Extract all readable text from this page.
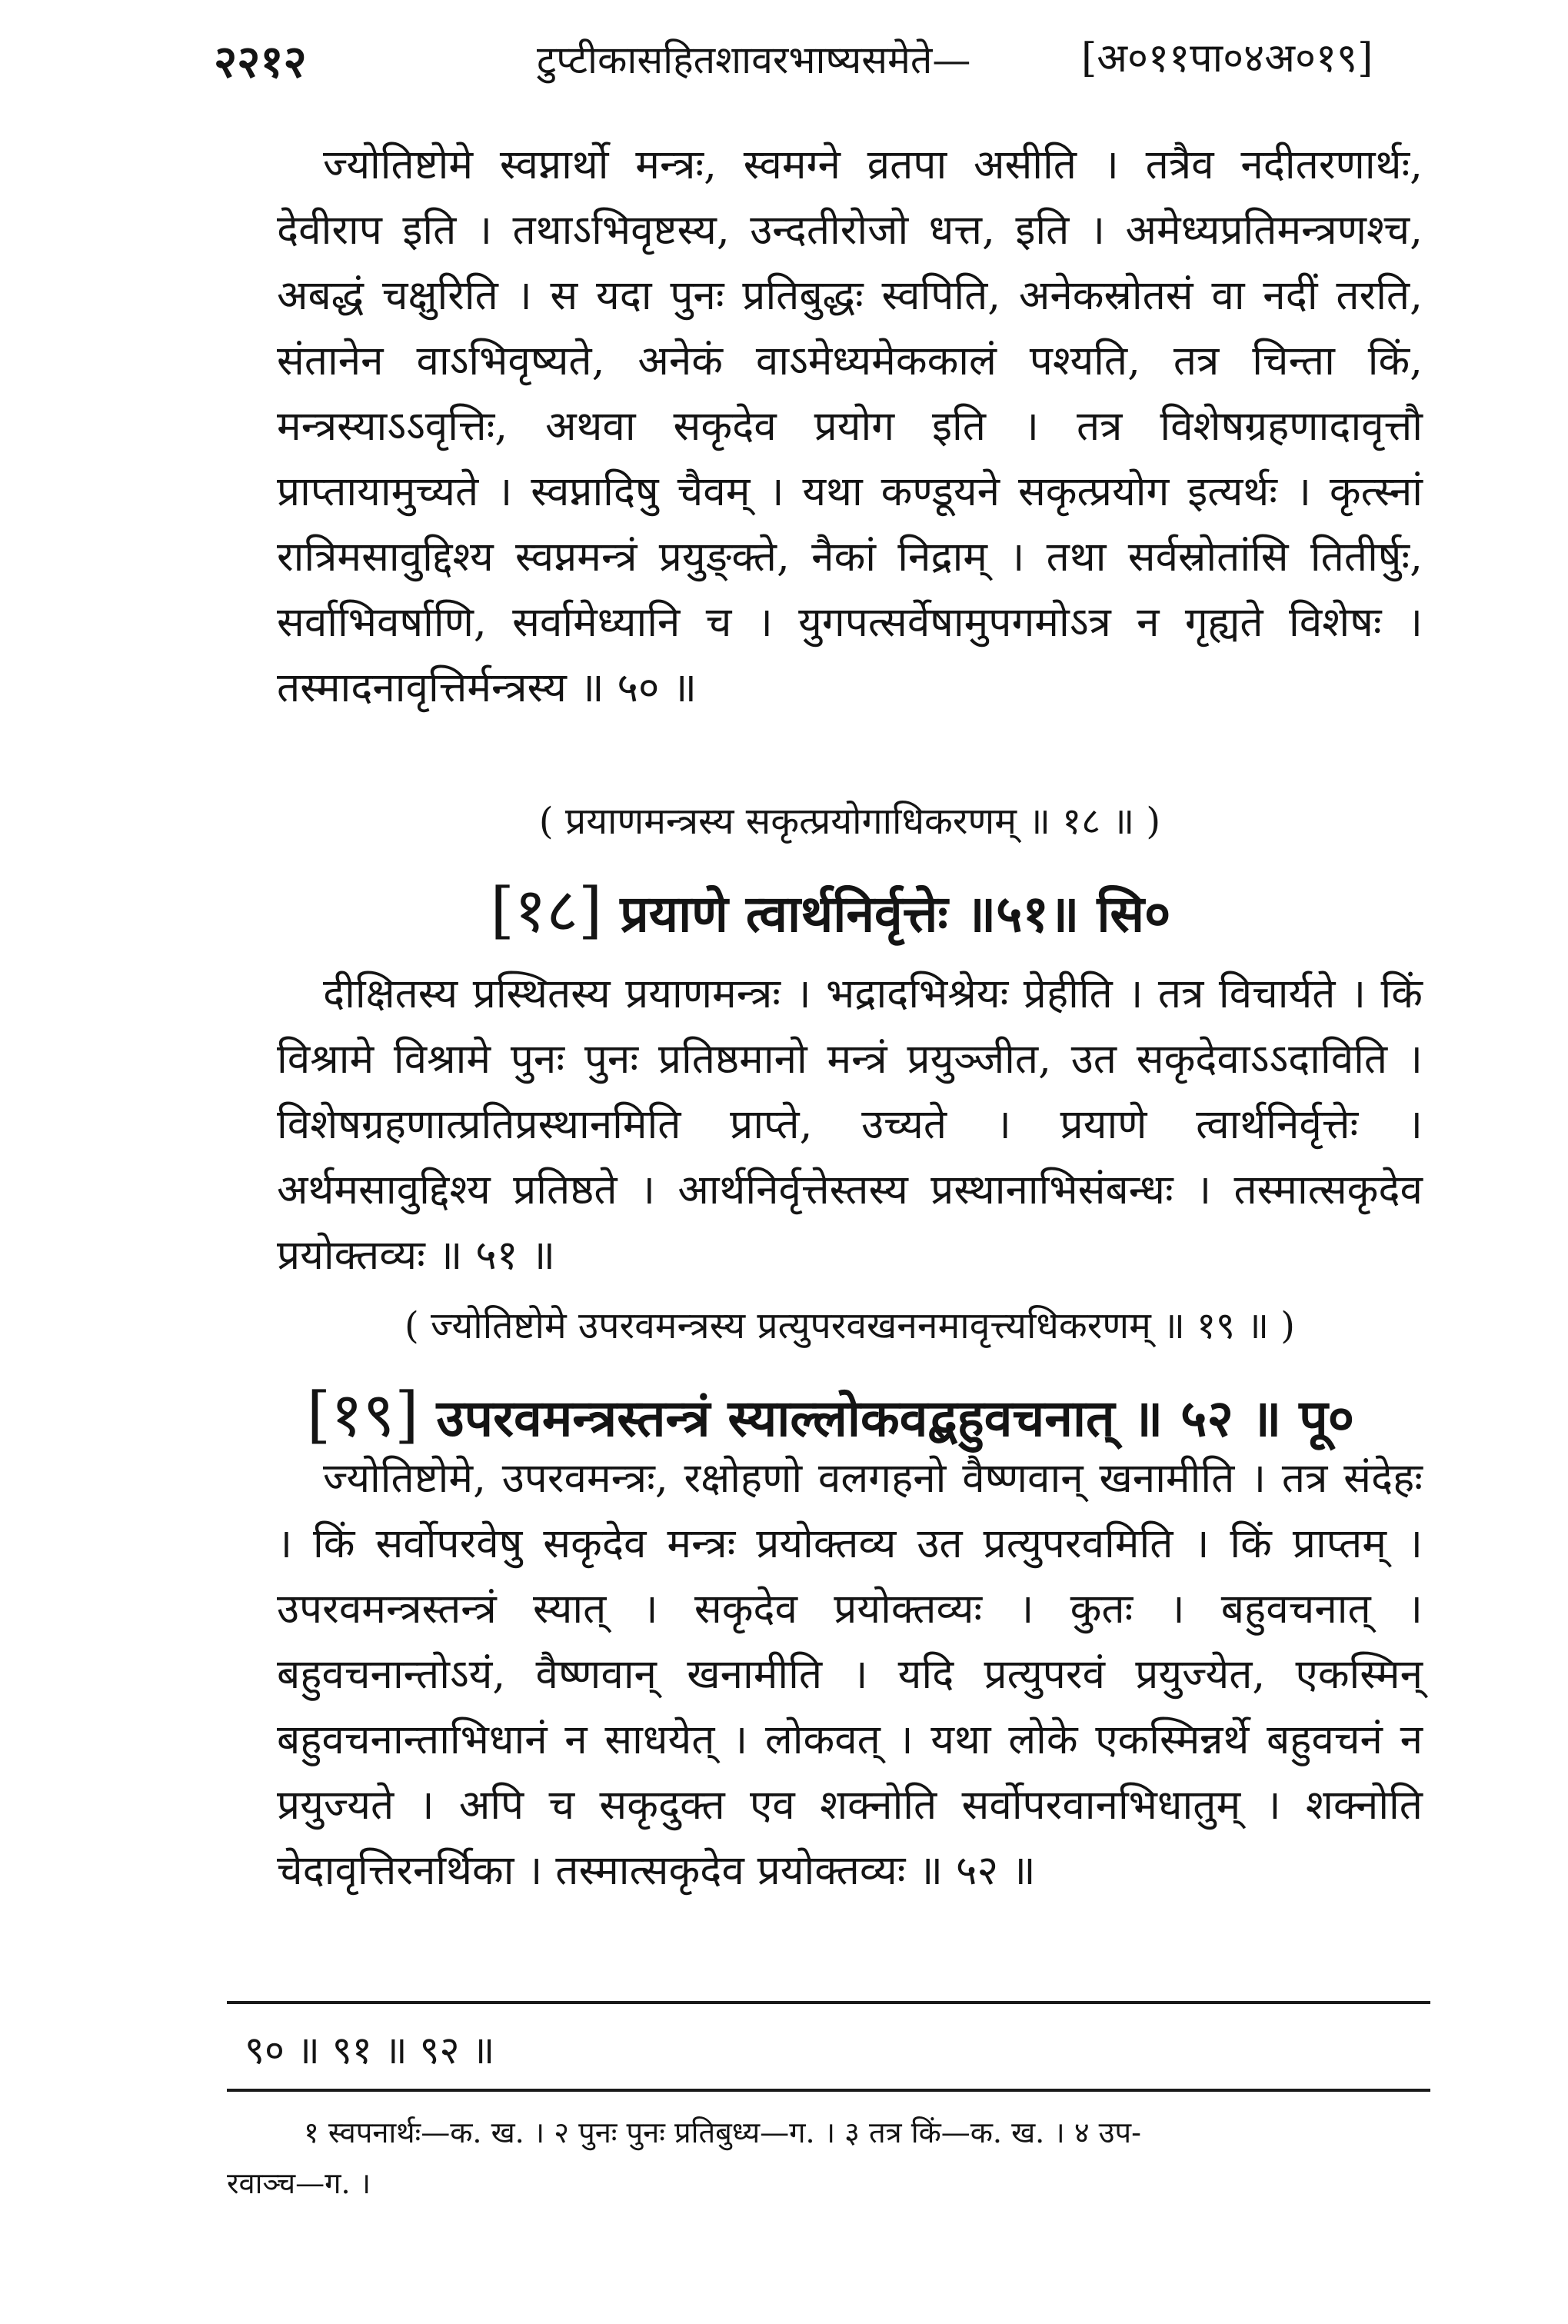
२२१२	टुप्टीकासहितशावरभाष्यसमेते—	[अ०११पा०४अ०१९]

ज्योतिष्टोमे स्वप्नार्थो मन्त्रः, स्वमग्ने व्रतपा असीति । तत्रैव नदीतरणार्थः, देवीराप इति । तथाऽभिवृष्टस्य, उन्दतीरोजो धत्त, इति । अमेध्यप्रतिमन्त्रणश्च, अबद्धं चक्षुरिति । स यदा पुनः प्रतिबुद्धः स्वपिति, अनेकस्रोतसं वा नदीं तरति, संतानेन वाऽभिवृष्यते, अनेकं वाऽमेध्यमेककालं पश्यति, तत्र चिन्ता किं, मन्त्रस्याऽऽवृत्तिः, अथवा सकृदेव प्रयोग इति । तत्र विशेषग्रहणादावृत्तौ प्राप्तायामुच्यते । स्वप्नादिषु चैवम् । यथा कण्डूयने सकृत्प्रयोग इत्यर्थः । कृत्स्नां रात्रिमसावुद्दिश्य स्वप्नमन्त्रं प्रयुङ्क्ते, नैकां निद्राम् । तथा सर्वस्रोतांसि तितीर्षुः, सर्वाभिवर्षाणि, सर्वामेध्यानि च । युगपत्सर्वेषामुपगमोऽत्र न गृह्यते विशेषः । तस्मादनावृत्तिर्मन्त्रस्य ॥ ५० ॥

( प्रयाणमन्त्रस्य सकृत्प्रयोगाधिकरणम् ॥ १८ ॥ )
[१८] प्रयाणे त्वार्थनिर्वृत्तेः ॥५१॥ सि०

दीक्षितस्य प्रस्थितस्य प्रयाणमन्त्रः । भद्रादभिश्रेयः प्रेहीति । तत्र विचार्यते । किं विश्रामे विश्रामे पुनः पुनः प्रतिष्ठमानो मन्त्रं प्रयुञ्जीत, उत सकृदेवाऽऽदाविति । विशेषग्रहणात्प्रतिप्रस्थानमिति प्राप्ते, उच्यते । प्रयाणे त्वार्थनिर्वृत्तेः । अर्थमसावुद्दिश्य प्रतिष्ठते । आर्थनिर्वृत्तेस्तस्य प्रस्थानाभिसंबन्धः । तस्मात्सकृदेव प्रयोक्तव्यः ॥ ५१ ॥

( ज्योतिष्टोमे उपरवमन्त्रस्य प्रत्युपरवखननमावृत्त्यधिकरणम् ॥ १९ ॥ )
[१९] उपरवमन्त्रस्तन्त्रं स्याल्लोकवद्बहुवचनात् ॥ ५२ ॥ पू०

ज्योतिष्टोमे, उपरवमन्त्रः, रक्षोहणो वलगहनो वैष्णवान् खनामीति । तत्र संदेहः । किं सर्वोपरवेषु सकृदेव मन्त्रः प्रयोक्तव्य उत प्रत्युपरवमिति । किं प्राप्तम् । उपरवमन्त्रस्तन्त्रं स्यात् । सकृदेव प्रयोक्तव्यः । कुतः । बहुवचनात् । बहुवचनान्तोऽयं, वैष्णवान् खनामीति । यदि प्रत्युपरवं प्रयुज्येत, एकस्मिन् बहुवचनान्ताभिधानं न साधयेत् । लोकवत् । यथा लोके एकस्मिन्नर्थे बहुवचनं न प्रयुज्यते । अपि च सकृदुक्त एव शक्नोति सर्वोपरवानभिधातुम् । शक्नोति चेदावृत्तिरनर्थिका । तस्मात्सकृदेव प्रयोक्तव्यः ॥ ५२ ॥

९० ॥ ९१ ॥ ९२ ॥
१ स्वपनार्थः—क. ख. । २ पुनः पुनः प्रतिबुध्य—ग. । ३ तत्र किं—क. ख. । ४ उप-
रवाञ्च—ग. ।
